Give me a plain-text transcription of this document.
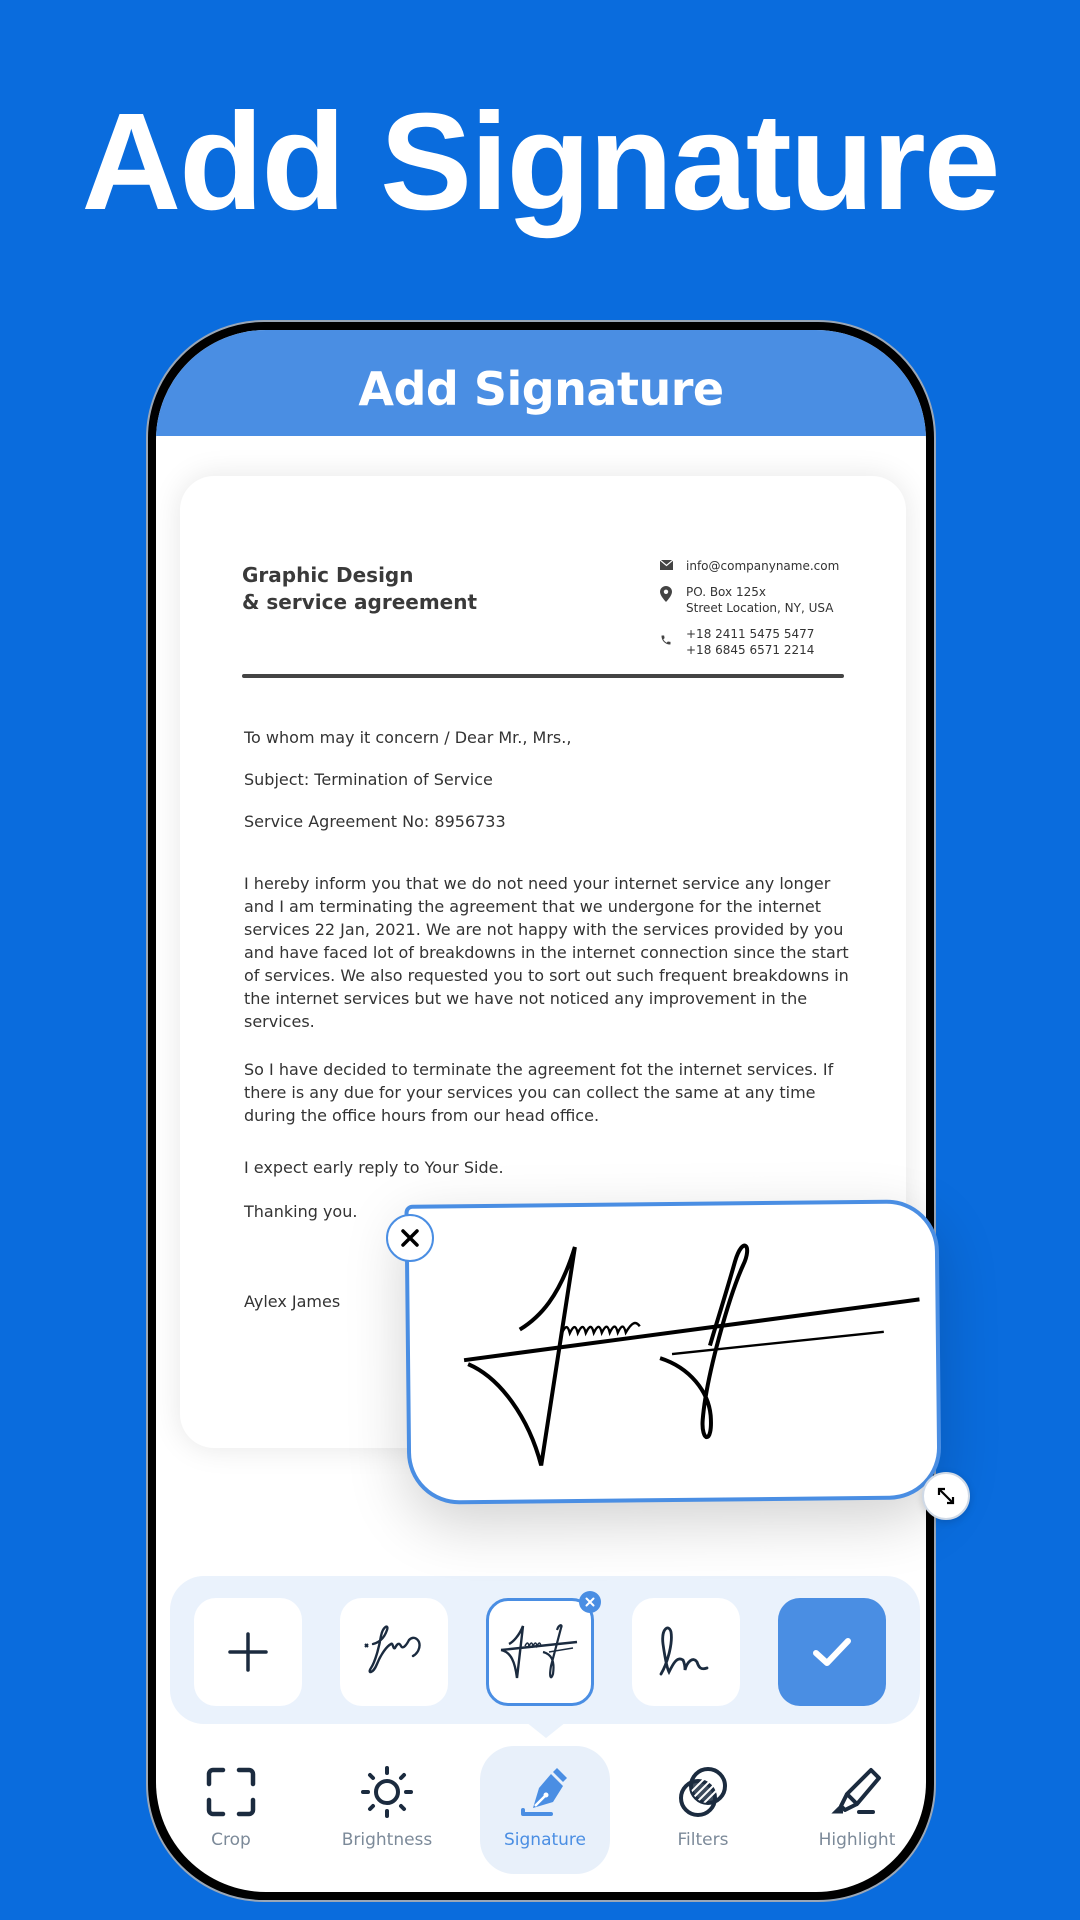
Add Signature
Add Signature
Graphic Design
& service agreement
info@companyname.com
PO. Box 125x
Street Location, NY, USA
+18 2411 5475 5477
+18 6845 6571 2214
To whom may it concern / Dear Mr., Mrs.,
Subject: Termination of Service
Service Agreement No: 8956733
I hereby inform you that we do not need your internet service any longer and I am terminating the agreement that we undergone for the internet services 22 Jan, 2021. We are not happy with the services provided by you and have faced lot of breakdowns in the internet connection since the start of services. We also requested you to sort out such frequent breakdowns in the internet services but we have not noticed any improvement in the services.
So I have decided to terminate the agreement fot the internet services. If there is any due for your services you can collect the same at any time during the office hours from our head office.
I expect early reply to Your Side.
Thanking you.
Aylex James
Crop	Brightness	Signature	Filters	Highlight
